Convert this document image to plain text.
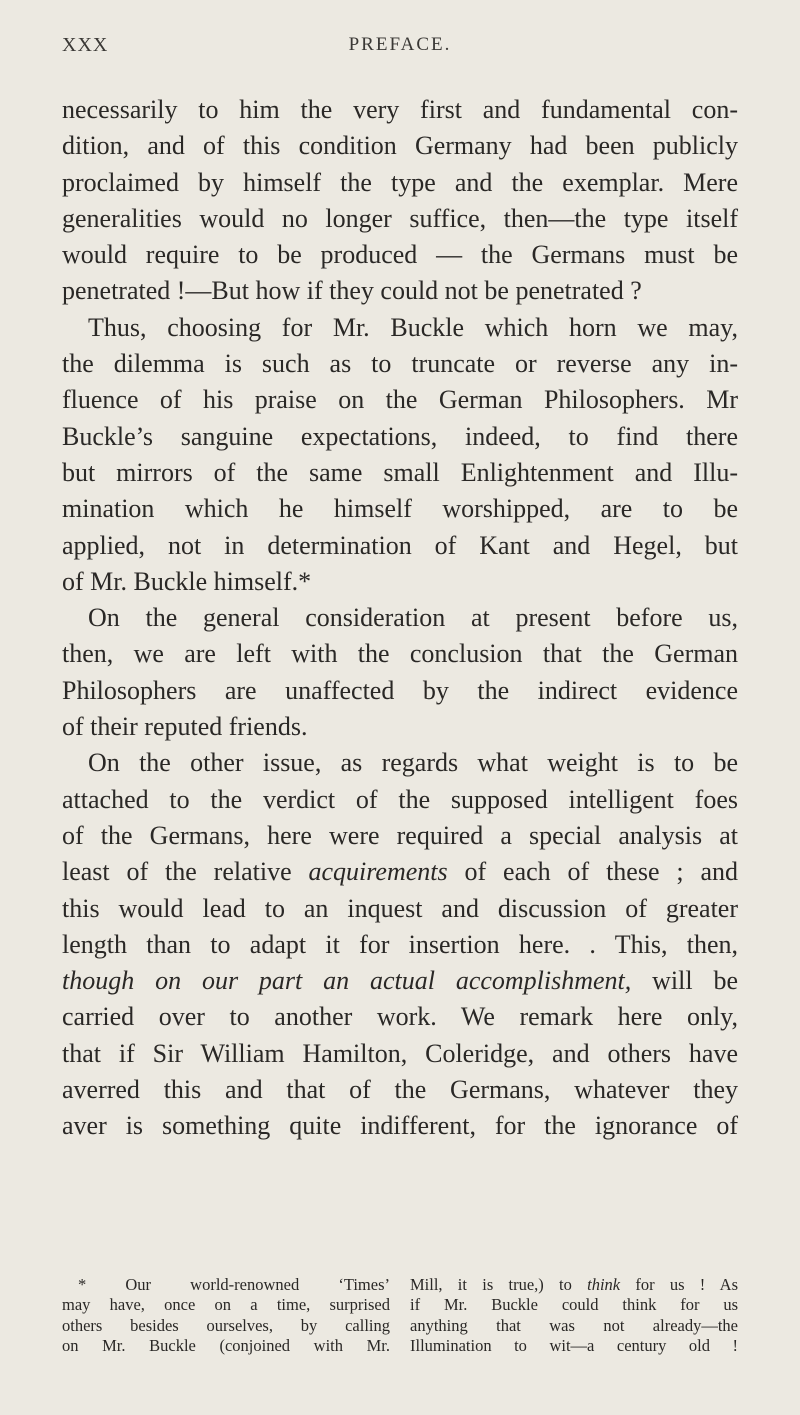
XXX	PREFACE.
necessarily to him the very first and fundamental con-
dition, and of this condition Germany had been publicly
proclaimed by himself the type and the exemplar. Mere
generalities would no longer suffice, then—the type itself
would require to be produced — the Germans must be
penetrated !—But how if they could not be penetrated ?
Thus, choosing for Mr. Buckle which horn we may,
the dilemma is such as to truncate or reverse any in-
fluence of his praise on the German Philosophers. Mr
Buckle’s sanguine expectations, indeed, to find there
but mirrors of the same small Enlightenment and Illu-
mination which he himself worshipped, are to be
applied, not in determination of Kant and Hegel, but
of Mr. Buckle himself.*
On the general consideration at present before us,
then, we are left with the conclusion that the German
Philosophers are unaffected by the indirect evidence
of their reputed friends.
On the other issue, as regards what weight is to be
attached to the verdict of the supposed intelligent foes
of the Germans, here were required a special analysis at
least of the relative acquirements of each of these ; and
this would lead to an inquest and discussion of greater
length than to adapt it for insertion here. . This, then,
though on our part an actual accomplishment, will be
carried over to another work. We remark here only,
that if Sir William Hamilton, Coleridge, and others have
averred this and that of the Germans, whatever they
aver is something quite indifferent, for the ignorance of
* Our world-renowned ‘Times’
may have, once on a time, surprised
others besides ourselves, by calling
on Mr. Buckle (conjoined with Mr.
Mill, it is true,) to think for us ! As
if Mr. Buckle could think for us
anything that was not already—the
Illumination to wit—a century old !
